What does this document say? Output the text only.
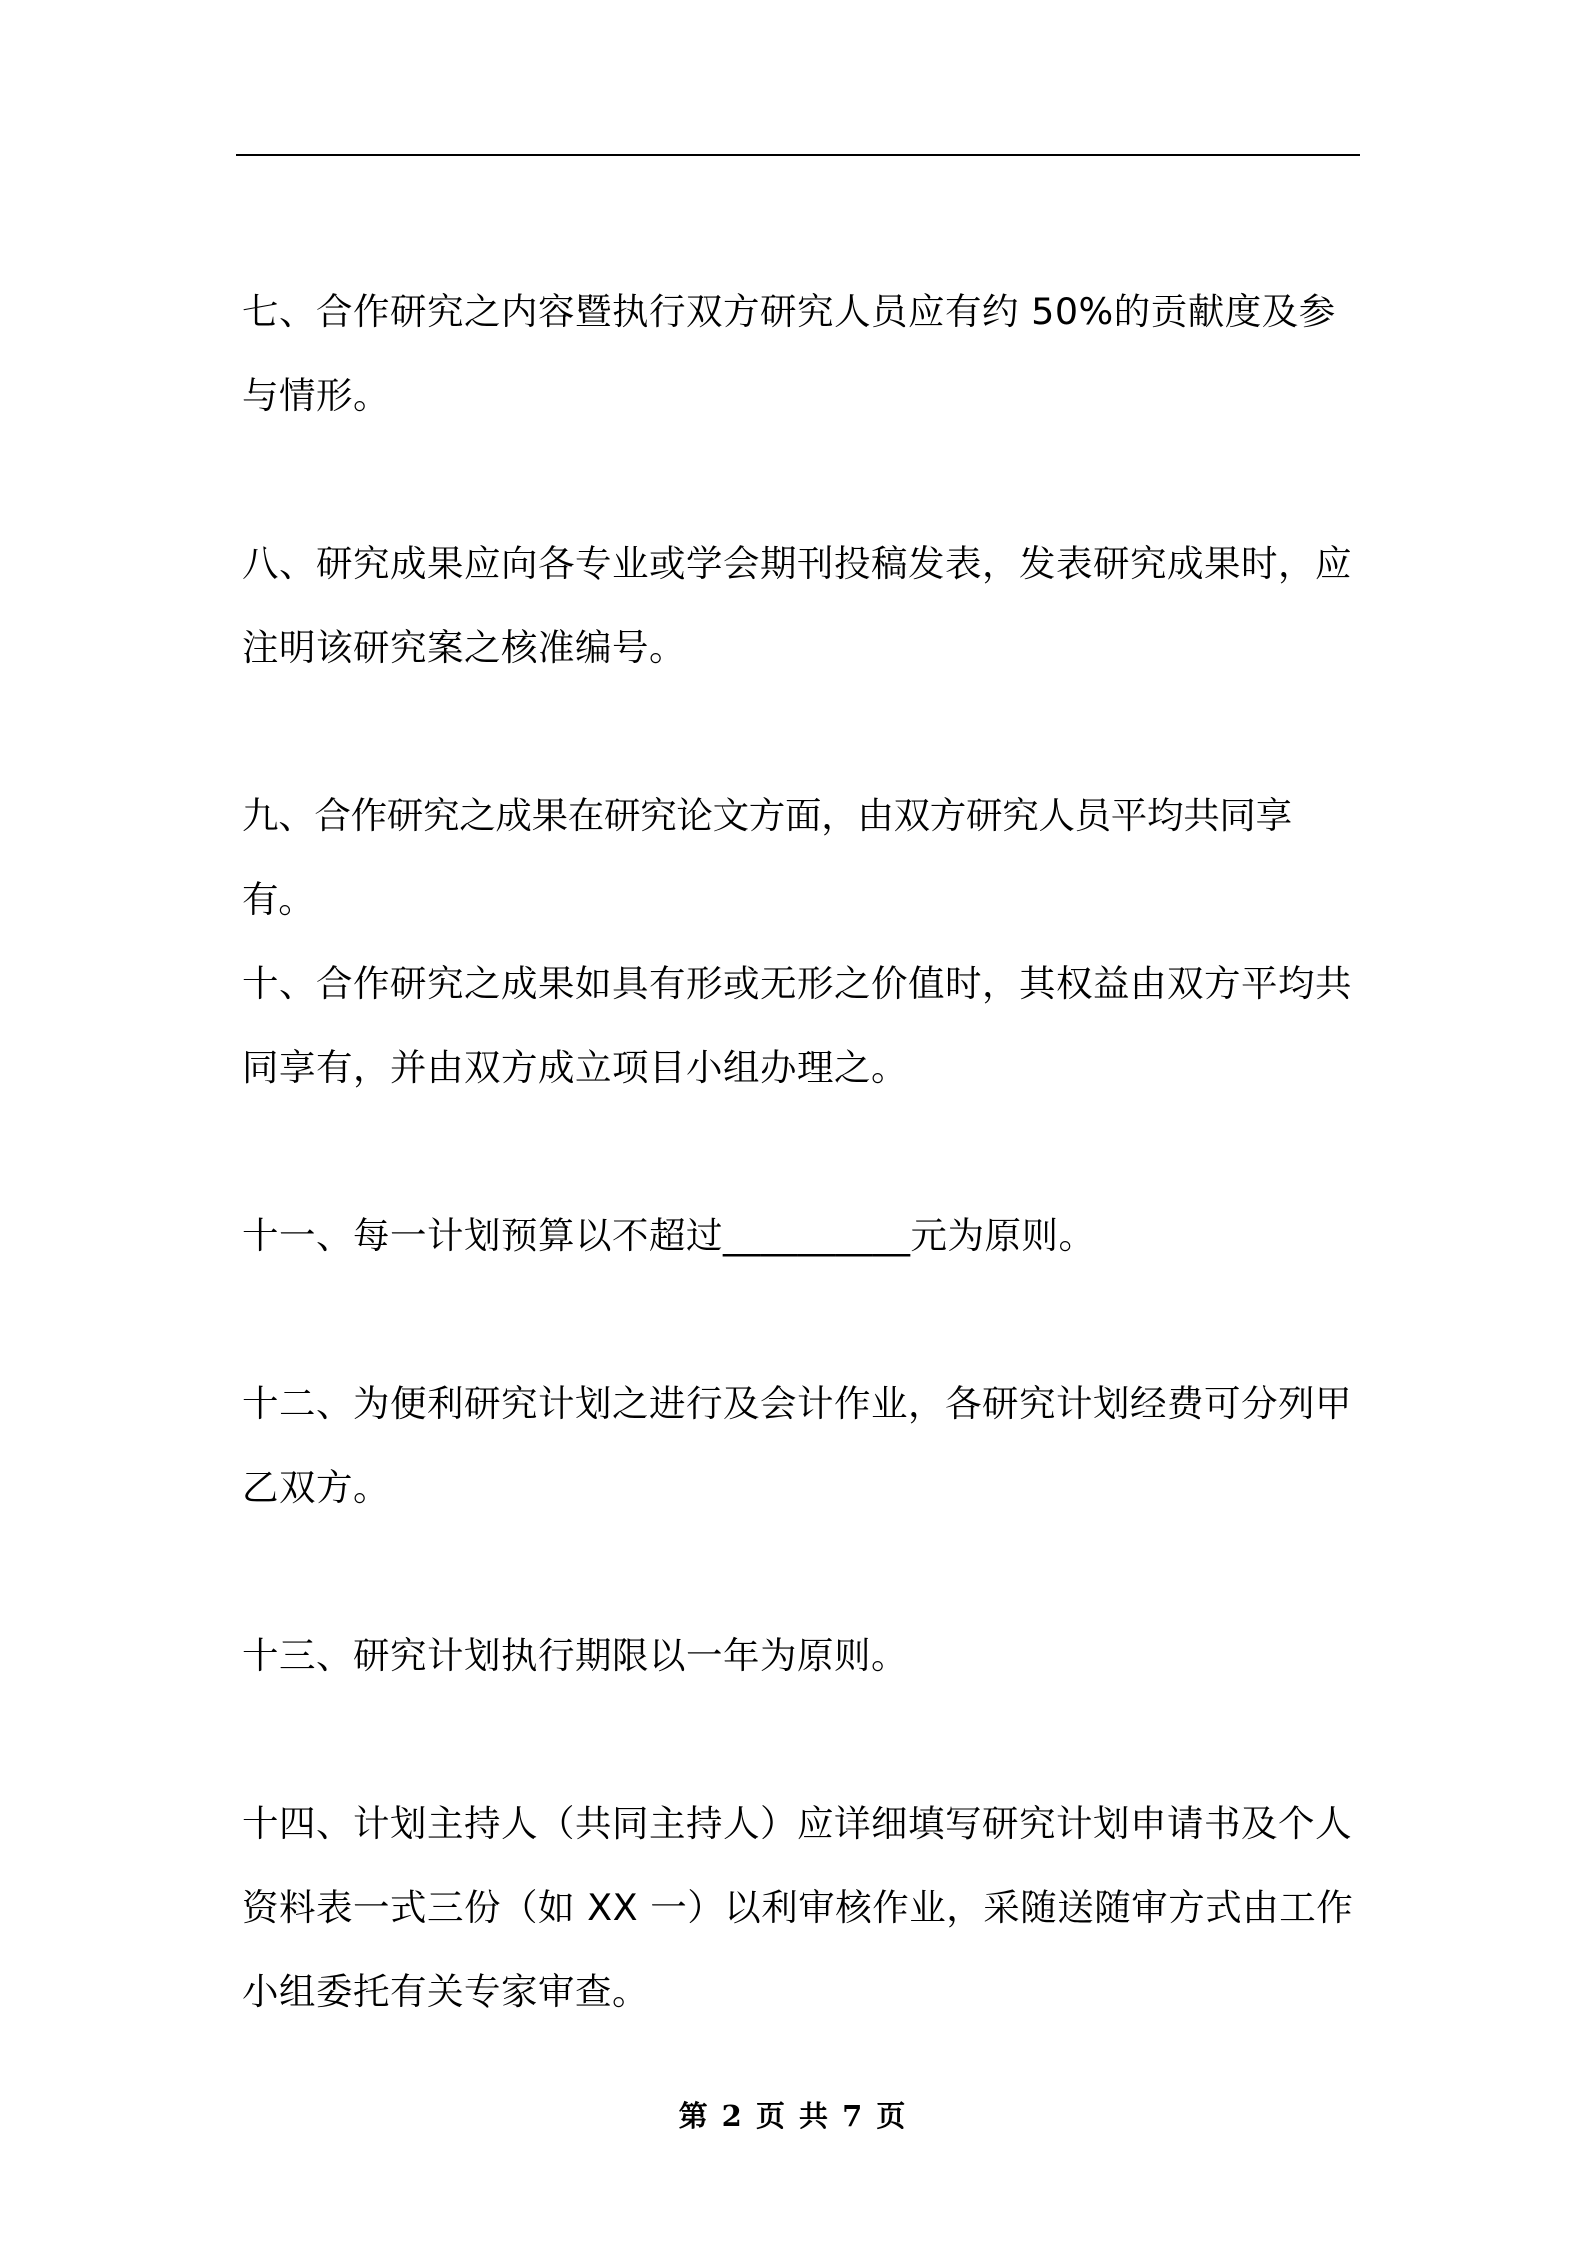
七、合作研究之内容暨执行双方研究人员应有约 50%的贡献度及参与情形。

八、研究成果应向各专业或学会期刊投稿发表，发表研究成果时，应注明该研究案之核准编号。

九、合作研究之成果在研究论文方面，由双方研究人员平均共同享有。

十、合作研究之成果如具有形或无形之价值时，其权益由双方平均共同享有，并由双方成立项目小组办理之。

十一、每一计划预算以不超过__________元为原则。

十二、为便利研究计划之进行及会计作业，各研究计划经费可分列甲乙双方。

十三、研究计划执行期限以一年为原则。

十四、计划主持人（共同主持人）应详细填写研究计划申请书及个人资料表一式三份（如 XX 一）以利审核作业，采随送随审方式由工作小组委托有关专家审查。

第 2 页 共 7 页
